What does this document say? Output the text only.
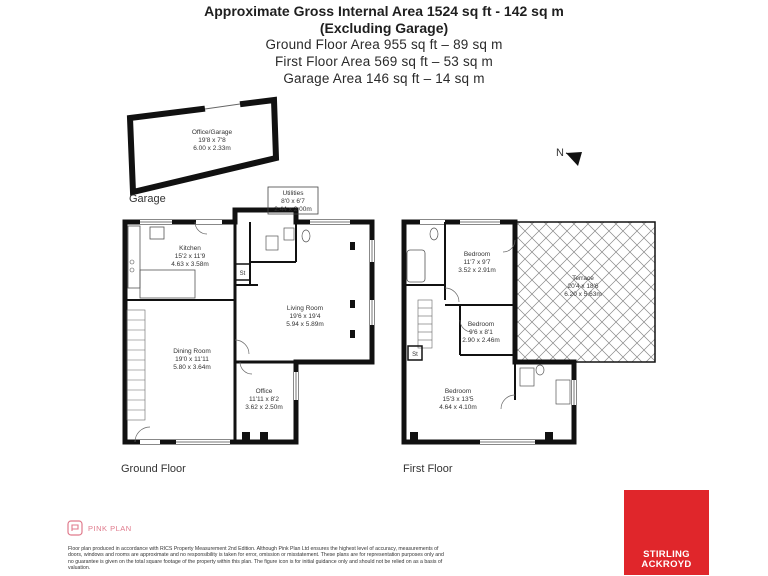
Approximate Gross Internal Area 1524 sq ft - 142 sq m
(Excluding Garage)
Ground Floor Area 955 sq ft – 89 sq m
First Floor Area 569 sq ft – 53 sq m
Garage Area 146 sq ft – 14 sq m
Office/Garage
19'8 x 7'8
6.00 x 2.33m
Garage
N
St
Utilities
8'0 x 6'7
2.44 x 2.00m
Kitchen
15'2 x 11'9
4.63 x 3.58m
Living Room
19'6 x 19'4
5.94 x 5.89m
Dining Room
19'0 x 11'11
5.80 x 3.64m
Office
11'11 x 8'2
3.62 x 2.50m
St
Bedroom
11'7 x 9'7
3.52 x 2.91m
Bedroom
9'6 x 8'1
2.90 x 2.46m
Bedroom
15'3 x 13'5
4.64 x 4.10m
Terrace
20'4 x 18'6
6.20 x 5.63m
Ground Floor	First Floor
PINK PLAN
Floor plan produced in accordance with RICS Property Measurement 2nd Edition. Although Pink Plan Ltd ensures the highest level of accuracy, measurements of doors, windows and rooms are approximate and no responsibility is taken for error, omission or misstatement. These plans are for representation purposes only and no guarantee is given on the total square footage of the property within this plan. The figure icon is for initial guidance only and should not be relied on as a basis of valuation.
STIRLING
ACKROYD
